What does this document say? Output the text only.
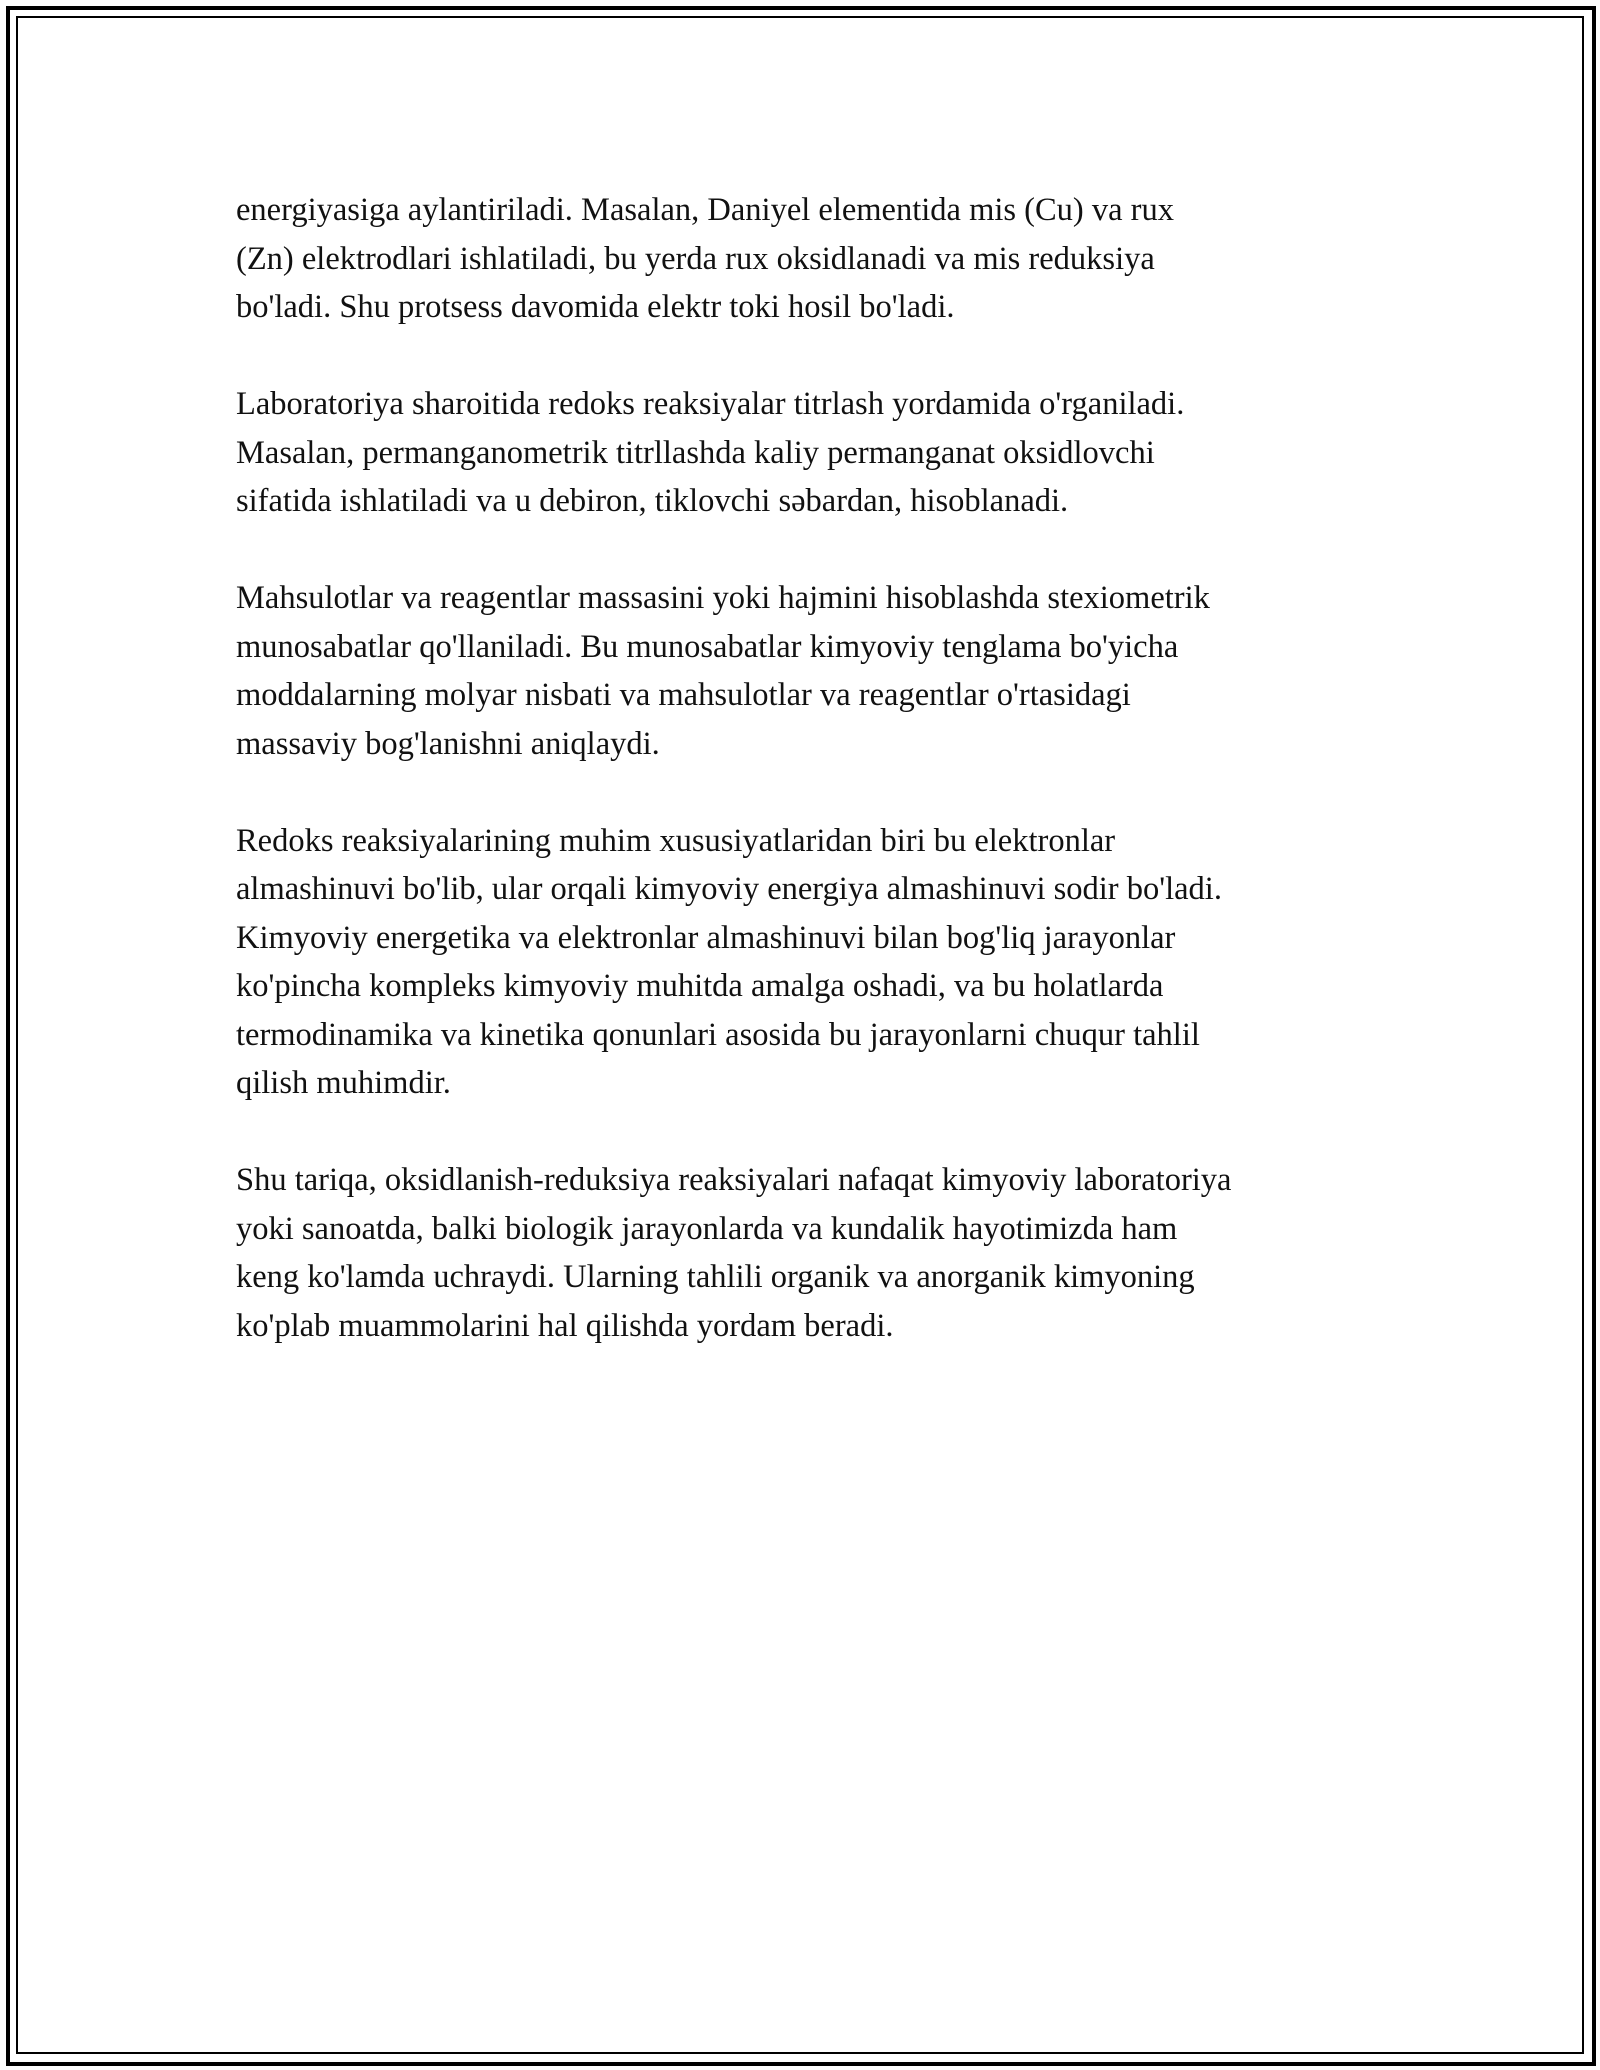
energiyasiga aylantiriladi. Masalan, Daniyel elementida mis (Cu) va rux
(Zn) elektrodlari ishlatiladi, bu yerda rux oksidlanadi va mis reduksiya
bo'ladi. Shu protsess davomida elektr toki hosil bo'ladi.

Laboratoriya sharoitida redoks reaksiyalar titrlash yordamida o'rganiladi.
Masalan, permanganometrik titrllashda kaliy permanganat oksidlovchi
sifatida ishlatiladi va u debiron, tiklovchi səbardan, hisoblanadi.

Mahsulotlar va reagentlar massasini yoki hajmini hisoblashda stexiometrik
munosabatlar qo'llaniladi. Bu munosabatlar kimyoviy tenglama bo'yicha
moddalarning molyar nisbati va mahsulotlar va reagentlar o'rtasidagi
massaviy bog'lanishni aniqlaydi.

Redoks reaksiyalarining muhim xususiyatlaridan biri bu elektronlar
almashinuvi bo'lib, ular orqali kimyoviy energiya almashinuvi sodir bo'ladi.
Kimyoviy energetika va elektronlar almashinuvi bilan bog'liq jarayonlar
ko'pincha kompleks kimyoviy muhitda amalga oshadi, va bu holatlarda
termodinamika va kinetika qonunlari asosida bu jarayonlarni chuqur tahlil
qilish muhimdir.

Shu tariqa, oksidlanish-reduksiya reaksiyalari nafaqat kimyoviy laboratoriya
yoki sanoatda, balki biologik jarayonlarda va kundalik hayotimizda ham
keng ko'lamda uchraydi. Ularning tahlili organik va anorganik kimyoning
ko'plab muammolarini hal qilishda yordam beradi.
